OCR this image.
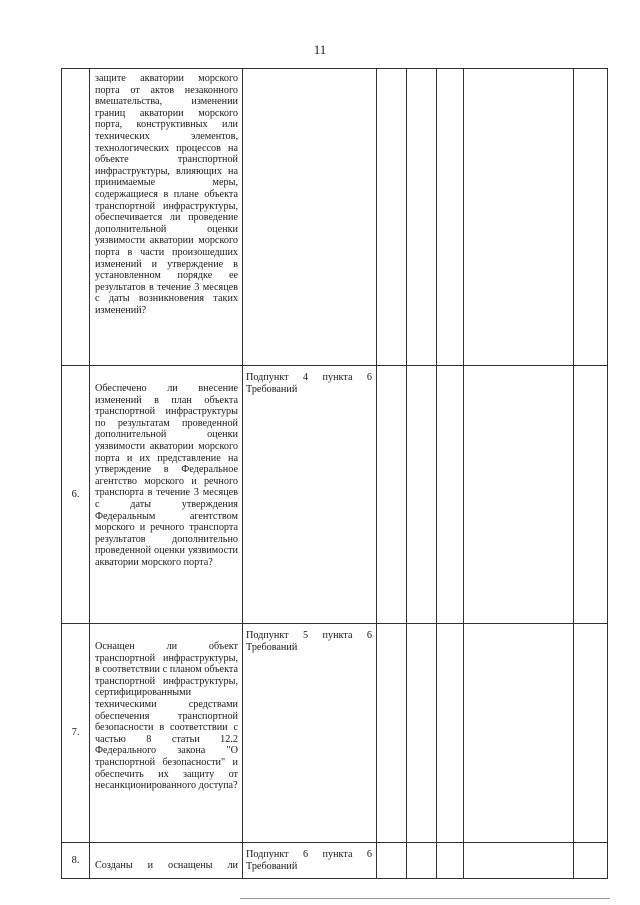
11

	защите акватории морского порта от актов незаконного вмешательства, изменении границ акватории морского порта, конструктивных или технических элементов, технологических процессов на объекте транспортной инфраструктуры, влияющих на принимаемые меры, содержащиеся в плане объекта транспортной инфраструктуры, обеспечивается ли проведение дополнительной оценки уязвимости акватории морского порта в части произошедших изменений и утверждение в установленном порядке ее результатов в течение 3 месяцев с даты возникновения таких изменений?						

6.	Обеспечено ли внесение изменений в план объекта транспортной инфраструктуры по результатам проведенной дополнительной оценки уязвимости акватории морского порта и их представление на утверждение в Федеральное агентство морского и речного транспорта в течение 3 месяцев с даты утверждения Федеральным агентством морского и речного транспорта результатов дополнительно проведенной оценки уязвимости акватории морского порта?	Подпункт 4 пункта 6 Требований					

7.	Оснащен ли объект транспортной инфраструктуры, в соответствии с планом объекта транспортной инфраструктуры, сертифицированными техническими средствами обеспечения транспортной безопасности в соответствии с частью 8 статьи 12.2 Федерального закона "О транспортной безопасности" и обеспечить их защиту от несанкционированного доступа?	Подпункт 5 пункта 6 Требований					

8.	Созданы и оснащены ли	Подпункт 6 пункта 6 Требований					
